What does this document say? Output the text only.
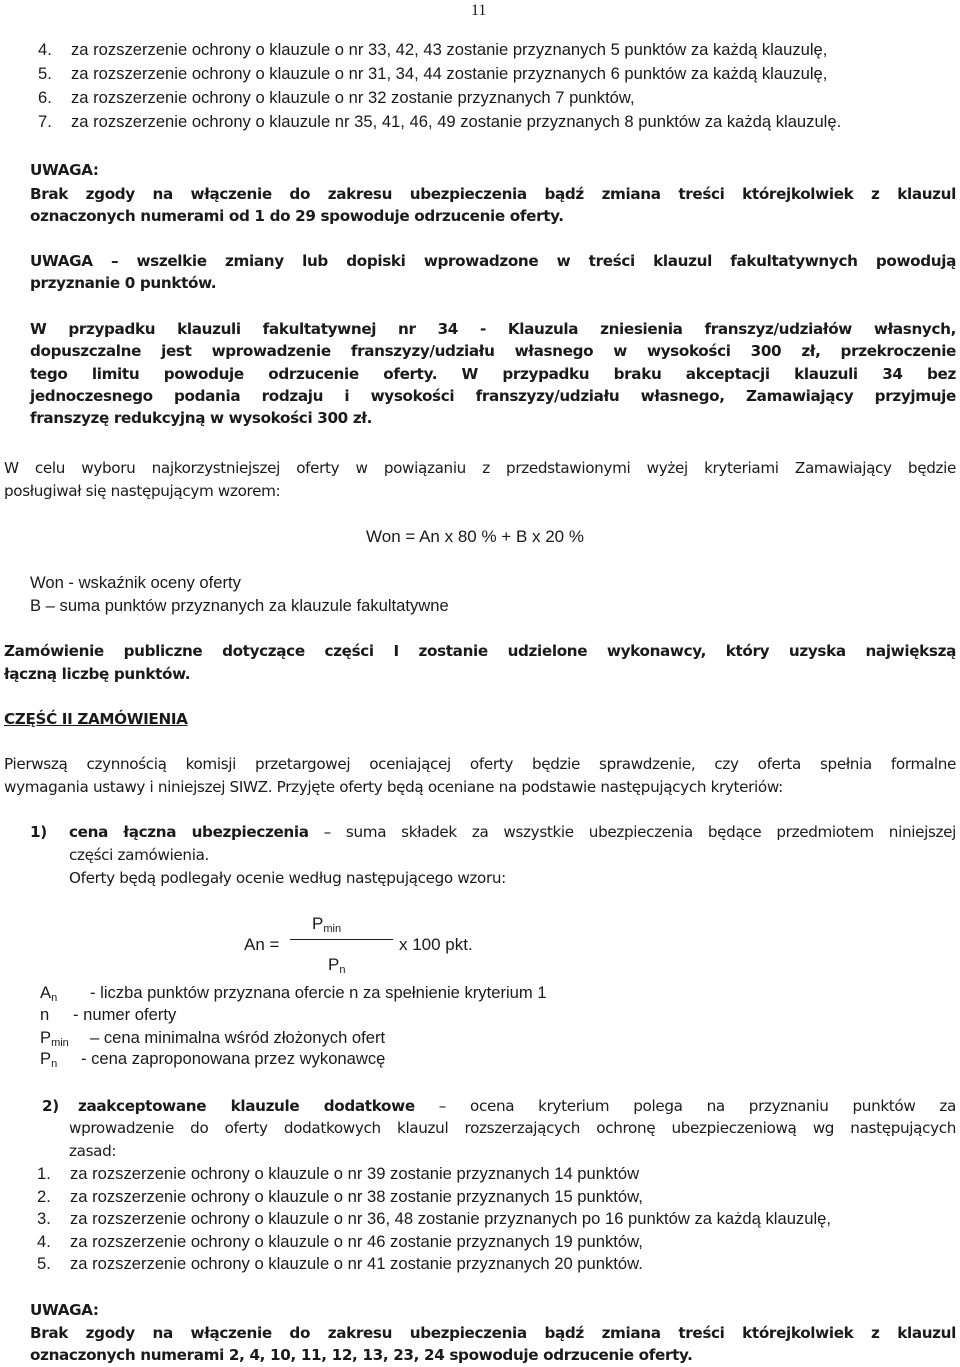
11
4. za rozszerzenie ochrony o klauzule o nr 33, 42, 43 zostanie przyznanych 5 punktów za każdą klauzulę,
5. za rozszerzenie ochrony o klauzule o nr 31, 34, 44 zostanie przyznanych 6 punktów za każdą klauzulę,
6. za rozszerzenie ochrony o klauzule o nr 32 zostanie przyznanych 7 punktów,
7. za rozszerzenie ochrony o klauzule nr 35, 41, 46, 49 zostanie przyznanych 8 punktów za każdą klauzulę.
UWAGA:
Brak zgody na włączenie do zakresu ubezpieczenia bądź zmiana treści którejkolwiek z klauzul
oznaczonych numerami od 1 do 29 spowoduje odrzucenie oferty.
UWAGA – wszelkie zmiany lub dopiski wprowadzone w treści klauzul fakultatywnych powodują
przyznanie 0 punktów.
W przypadku klauzuli fakultatywnej nr 34 - Klauzula zniesienia franszyz/udziałów własnych,
dopuszczalne jest wprowadzenie franszyzy/udziału własnego w wysokości 300 zł, przekroczenie
tego limitu powoduje odrzucenie oferty. W przypadku braku akceptacji klauzuli 34 bez
jednoczesnego podania rodzaju i wysokości franszyzy/udziału własnego, Zamawiający przyjmuje
franszyzę redukcyjną w wysokości 300 zł.
W celu wyboru najkorzystniejszej oferty w powiązaniu z przedstawionymi wyżej kryteriami Zamawiający będzie
posługiwał się następującym wzorem:
Won = An x 80 % + B x 20 %
Won - wskaźnik oceny oferty
B – suma punktów przyznanych za klauzule fakultatywne
Zamówienie publiczne dotyczące części I zostanie udzielone wykonawcy, który uzyska największą
łączną liczbę punktów.
CZĘŚĆ II ZAMÓWIENIA
Pierwszą czynnością komisji przetargowej oceniającej oferty będzie sprawdzenie, czy oferta spełnia formalne
wymagania ustawy i niniejszej SIWZ. Przyjęte oferty będą oceniane na podstawie następujących kryteriów:
1) cena łączna ubezpieczenia – suma składek za wszystkie ubezpieczenia będące przedmiotem niniejszej
części zamówienia.
Oferty będą podlegały ocenie według następującego wzoru:
An =
$P_{min}$
$P_n$
x 100 pkt.
$A_n$ - liczba punktów przyznana ofercie n za spełnienie kryterium 1
n - numer oferty
$P_{min}$ – cena minimalna wśród złożonych ofert
$P_n$ - cena zaproponowana przez wykonawcę
2) zaakceptowane klauzule dodatkowe – ocena kryterium polega na przyznaniu punktów za
wprowadzenie do oferty dodatkowych klauzul rozszerzających ochronę ubezpieczeniową wg następujących
zasad:
1. za rozszerzenie ochrony o klauzule o nr 39 zostanie przyznanych 14 punktów
2. za rozszerzenie ochrony o klauzule o nr 38 zostanie przyznanych 15 punktów,
3. za rozszerzenie ochrony o klauzule o nr 36, 48 zostanie przyznanych po 16 punktów za każdą klauzulę,
4. za rozszerzenie ochrony o klauzule o nr 46 zostanie przyznanych 19 punktów,
5. za rozszerzenie ochrony o klauzule o nr 41 zostanie przyznanych 20 punktów.
UWAGA:
Brak zgody na włączenie do zakresu ubezpieczenia bądź zmiana treści którejkolwiek z klauzul
oznaczonych numerami 2, 4, 10, 11, 12, 13, 23, 24 spowoduje odrzucenie oferty.
